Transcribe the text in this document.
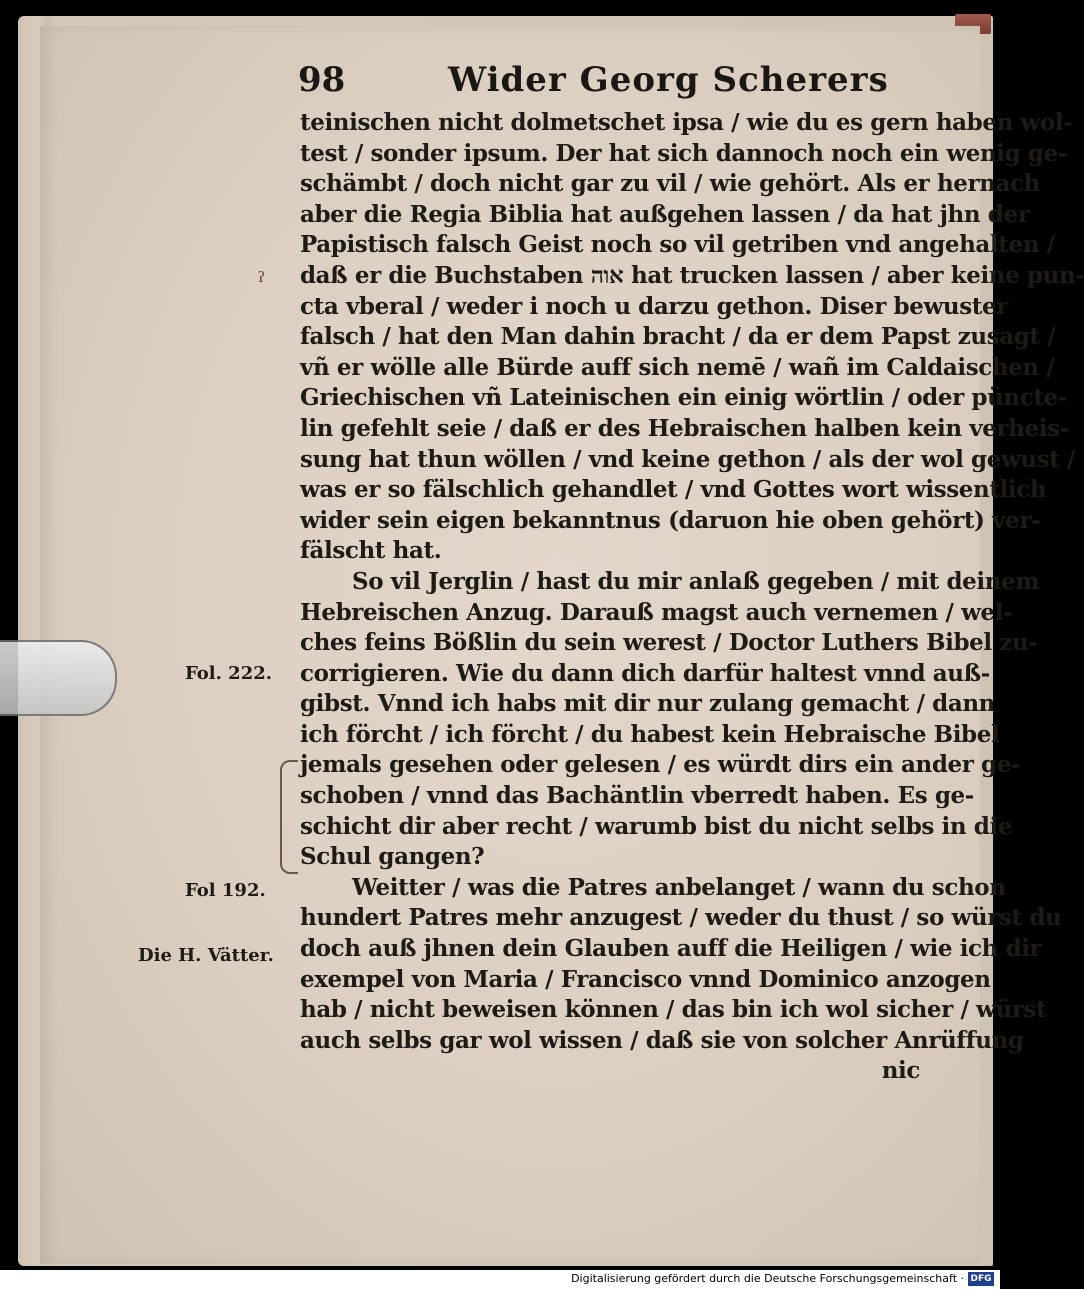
98	Wider Georg Scherers
teinischen nicht dolmetschet ipsa / wie du es gern haben wol-
test / sonder ipsum. Der hat sich dannoch noch ein wenig ge-
schämbt / doch nicht gar zu vil / wie gehört. Als er hernach
aber die Regia Biblia hat außgehen lassen / da hat jhn der
Papistisch falsch Geist noch so vil getriben vnd angehalten /
daß er die Buchstaben אוה hat trucken lassen / aber keine pun-
cta vberal / weder i noch u darzu gethon. Diser bewuster
falsch / hat den Man dahin bracht / da er dem Papst zusagt /
vñ er wölle alle Bürde auff sich nemē / wañ im Caldaischen /
Griechischen vñ Lateinischen ein einig wörtlin / oder püncte-
lin gefehlt seie / daß er des Hebraischen halben kein verheis-
sung hat thun wöllen / vnd keine gethon / als der wol gewust /
was er so fälschlich gehandlet / vnd Gottes wort wissentlich
wider sein eigen bekanntnus (daruon hie oben gehört) ver-
fälscht hat.
So vil Jerglin / hast du mir anlaß gegeben / mit deinem
Hebreischen Anzug. Darauß magst auch vernemen / wel-
ches feins Bößlin du sein werest / Doctor Luthers Bibel zu-
corrigieren. Wie du dann dich darfür haltest vnnd auß-
gibst. Vnnd ich habs mit dir nur zulang gemacht / dann
ich förcht / ich förcht / du habest kein Hebraische Bibel
jemals gesehen oder gelesen / es würdt dirs ein ander ge-
schoben / vnnd das Bachäntlin vberredt haben. Es ge-
schicht dir aber recht / warumb bist du nicht selbs in die
Schul gangen?
Weitter / was die Patres anbelanget / wann du schon
hundert Patres mehr anzugest / weder du thust / so würst du
doch auß jhnen dein Glauben auff die Heiligen / wie ich dir
exempel von Maria / Francisco vnnd Dominico anzogen
hab / nicht beweisen können / das bin ich wol sicher / würst
auch selbs gar wol wissen / daß sie von solcher Anrüffung
nic
Fol. 222.
Fol 192.
Die H. Vätter.
ˀ
Digitalisierung gefördert durch die Deutsche Forschungsgemeinschaft · DFG
